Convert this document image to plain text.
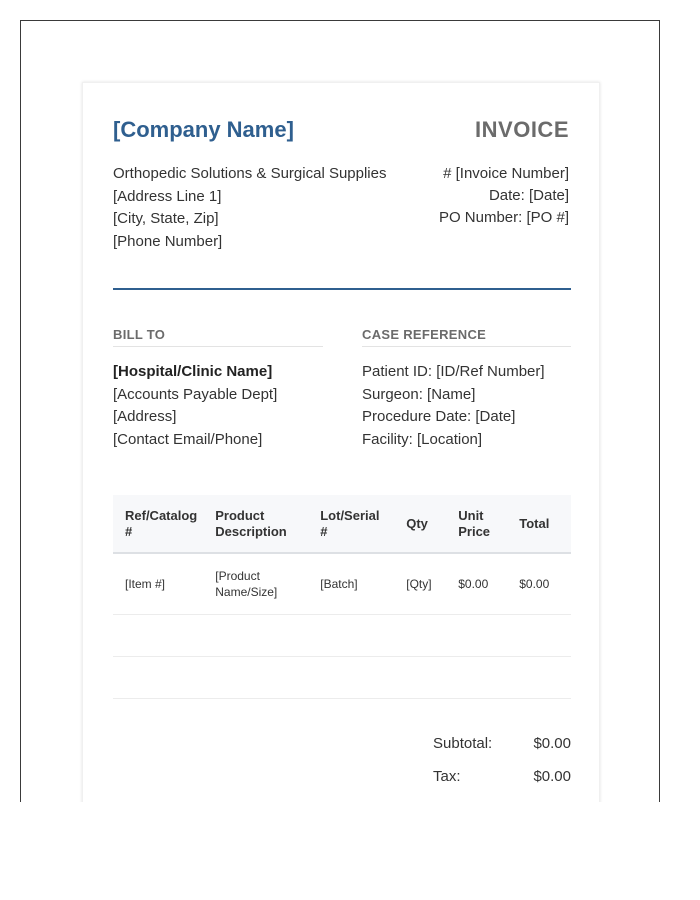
[Company Name]	INVOICE
Orthopedic Solutions & Surgical Supplies
[Address Line 1]
[City, State, Zip]
[Phone Number]
# [Invoice Number]
Date: [Date]
PO Number: [PO #]
BILL TO	CASE REFERENCE
[Hospital/Clinic Name]
[Accounts Payable Dept]
[Address]
[Contact Email/Phone]
Patient ID: [ID/Ref Number]
Surgeon: [Name]
Procedure Date: [Date]
Facility: [Location]
Ref/Catalog #	Product Description	Lot/Serial #	Qty	Unit Price	Total
[Item #]	[Product Name/Size]	[Batch]	[Qty]	$0.00	$0.00

Subtotal:	$0.00
Tax:	$0.00
